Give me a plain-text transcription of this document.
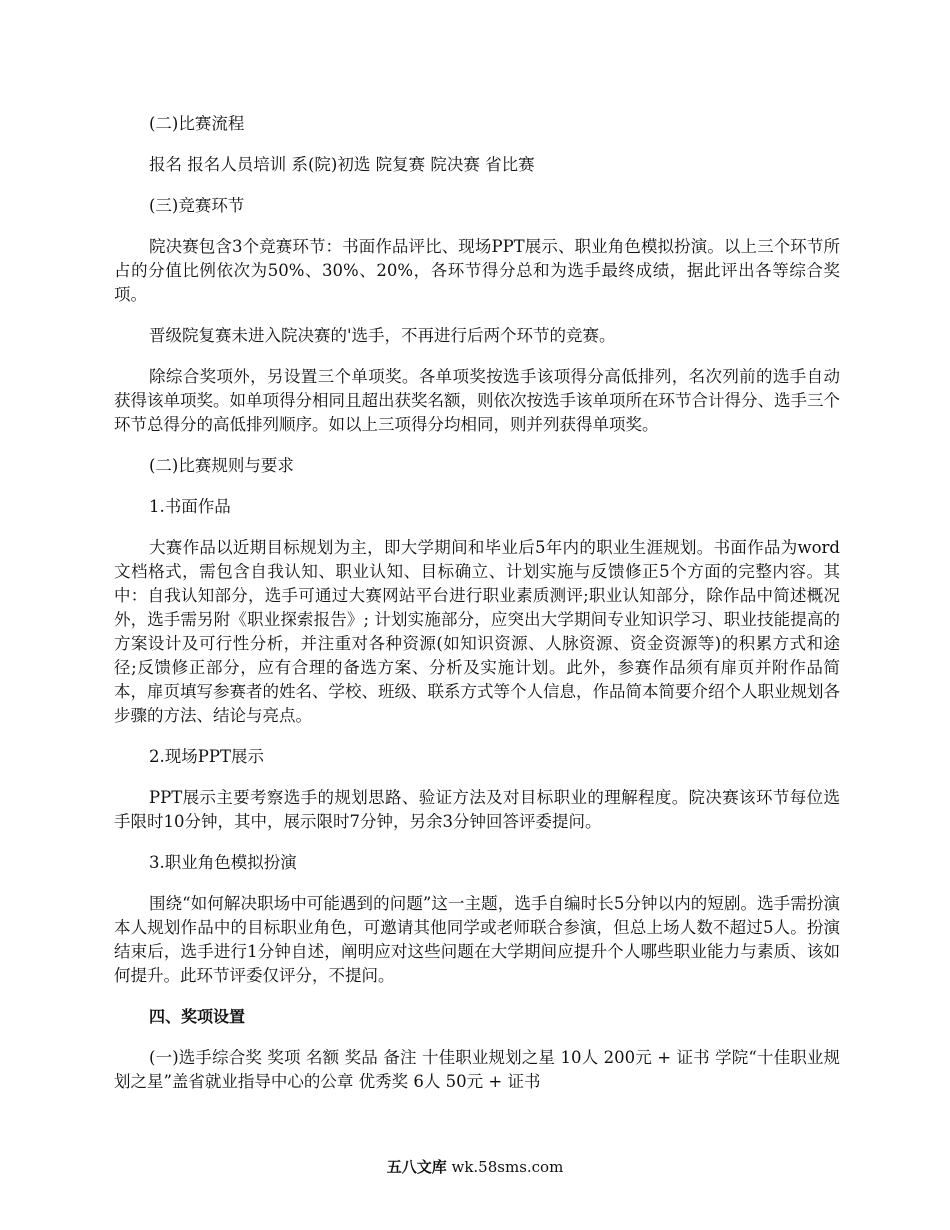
(二)比赛流程

报名 报名人员培训 系(院)初选 院复赛 院决赛 省比赛

(三)竞赛环节

院决赛包含3个竞赛环节：书面作品评比、现场PPT展示、职业角色模拟扮演。以上三个环节所占的分值比例依次为50%、30%、20%，各环节得分总和为选手最终成绩，据此评出各等综合奖项。

晋级院复赛未进入院决赛的'选手，不再进行后两个环节的竞赛。

除综合奖项外，另设置三个单项奖。各单项奖按选手该项得分高低排列，名次列前的选手自动获得该单项奖。如单项得分相同且超出获奖名额，则依次按选手该单项所在环节合计得分、选手三个环节总得分的高低排列顺序。如以上三项得分均相同，则并列获得单项奖。

(二)比赛规则与要求

1.书面作品

大赛作品以近期目标规划为主，即大学期间和毕业后5年内的职业生涯规划。书面作品为word文档格式，需包含自我认知、职业认知、目标确立、计划实施与反馈修正5个方面的完整内容。其中：自我认知部分，选手可通过大赛网站平台进行职业素质测评;职业认知部分，除作品中简述概况外，选手需另附《职业探索报告》; 计划实施部分，应突出大学期间专业知识学习、职业技能提高的方案设计及可行性分析，并注重对各种资源(如知识资源、人脉资源、资金资源等)的积累方式和途径;反馈修正部分，应有合理的备选方案、分析及实施计划。此外，参赛作品须有扉页并附作品简本，扉页填写参赛者的姓名、学校、班级、联系方式等个人信息，作品简本简要介绍个人职业规划各步骤的方法、结论与亮点。

2.现场PPT展示

PPT展示主要考察选手的规划思路、验证方法及对目标职业的理解程度。院决赛该环节每位选手限时10分钟，其中，展示限时7分钟，另余3分钟回答评委提问。

3.职业角色模拟扮演

围绕“如何解决职场中可能遇到的问题”这一主题，选手自编时长5分钟以内的短剧。选手需扮演本人规划作品中的目标职业角色，可邀请其他同学或老师联合参演，但总上场人数不超过5人。扮演结束后，选手进行1分钟自述，阐明应对这些问题在大学期间应提升个人哪些职业能力与素质、该如何提升。此环节评委仅评分，不提问。

四、奖项设置

(一)选手综合奖 奖项 名额 奖品 备注 十佳职业规划之星 10人 200元 + 证书 学院“十佳职业规划之星”盖省就业指导中心的公章 优秀奖 6人 50元 + 证书

五八文库 wk.58sms.com
